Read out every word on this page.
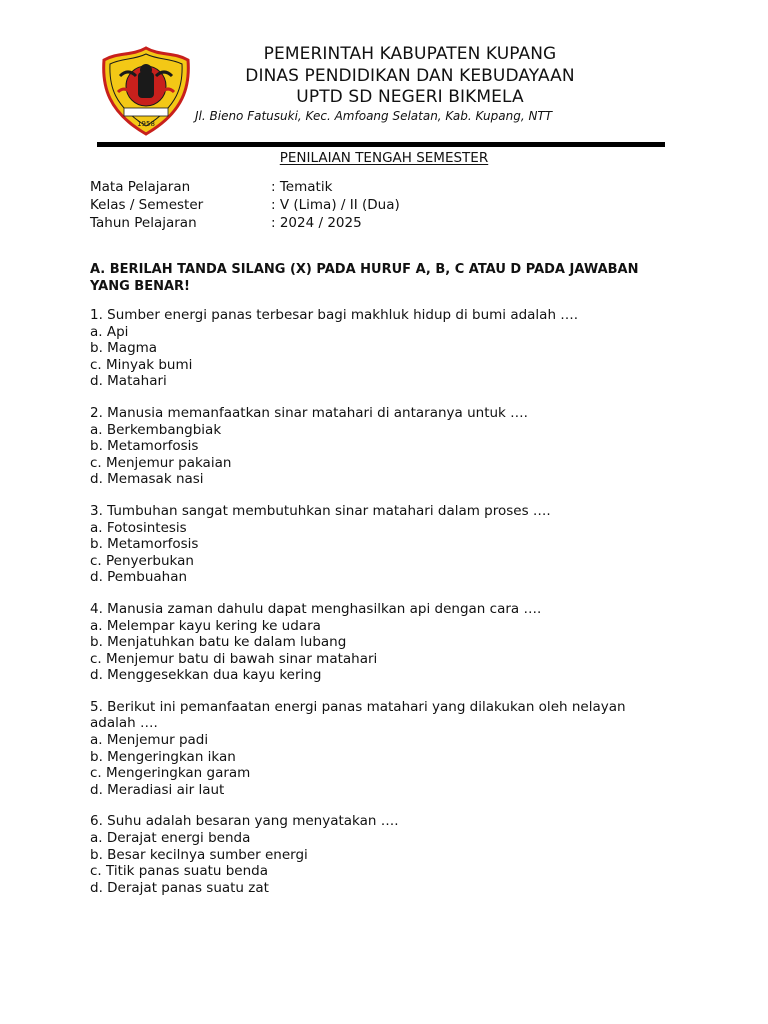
1958
PEMERINTAH KABUPATEN KUPANG
DINAS PENDIDIKAN DAN KEBUDAYAAN
UPTD SD NEGERI BIKMELA
Jl. Bieno Fatusuki, Kec. Amfoang Selatan, Kab. Kupang, NTT
PENILAIAN TENGAH SEMESTER
Mata Pelajaran	: Tematik
Kelas / Semester	: V (Lima) / II (Dua)
Tahun Pelajaran	: 2024 / 2025
A. BERILAH TANDA SILANG (X) PADA HURUF A, B, C ATAU D PADA JAWABAN YANG BENAR!
1. Sumber energi panas terbesar bagi makhluk hidup di bumi adalah ….
a. Api
b. Magma
c. Minyak bumi
d. Matahari
2. Manusia memanfaatkan sinar matahari di antaranya untuk ….
a. Berkembangbiak
b. Metamorfosis
c. Menjemur pakaian
d. Memasak nasi
3. Tumbuhan sangat membutuhkan sinar matahari dalam proses ….
a. Fotosintesis
b. Metamorfosis
c. Penyerbukan
d. Pembuahan
4. Manusia zaman dahulu dapat menghasilkan api dengan cara ….
a. Melempar kayu kering ke udara
b. Menjatuhkan batu ke dalam lubang
c. Menjemur batu di bawah sinar matahari
d. Menggesekkan dua kayu kering
5. Berikut ini pemanfaatan energi panas matahari yang dilakukan oleh nelayan adalah ….
a. Menjemur padi
b. Mengeringkan ikan
c. Mengeringkan garam
d. Meradiasi air laut
6. Suhu adalah besaran yang menyatakan ….
a. Derajat energi benda
b. Besar kecilnya sumber energi
c. Titik panas suatu benda
d. Derajat panas suatu zat
